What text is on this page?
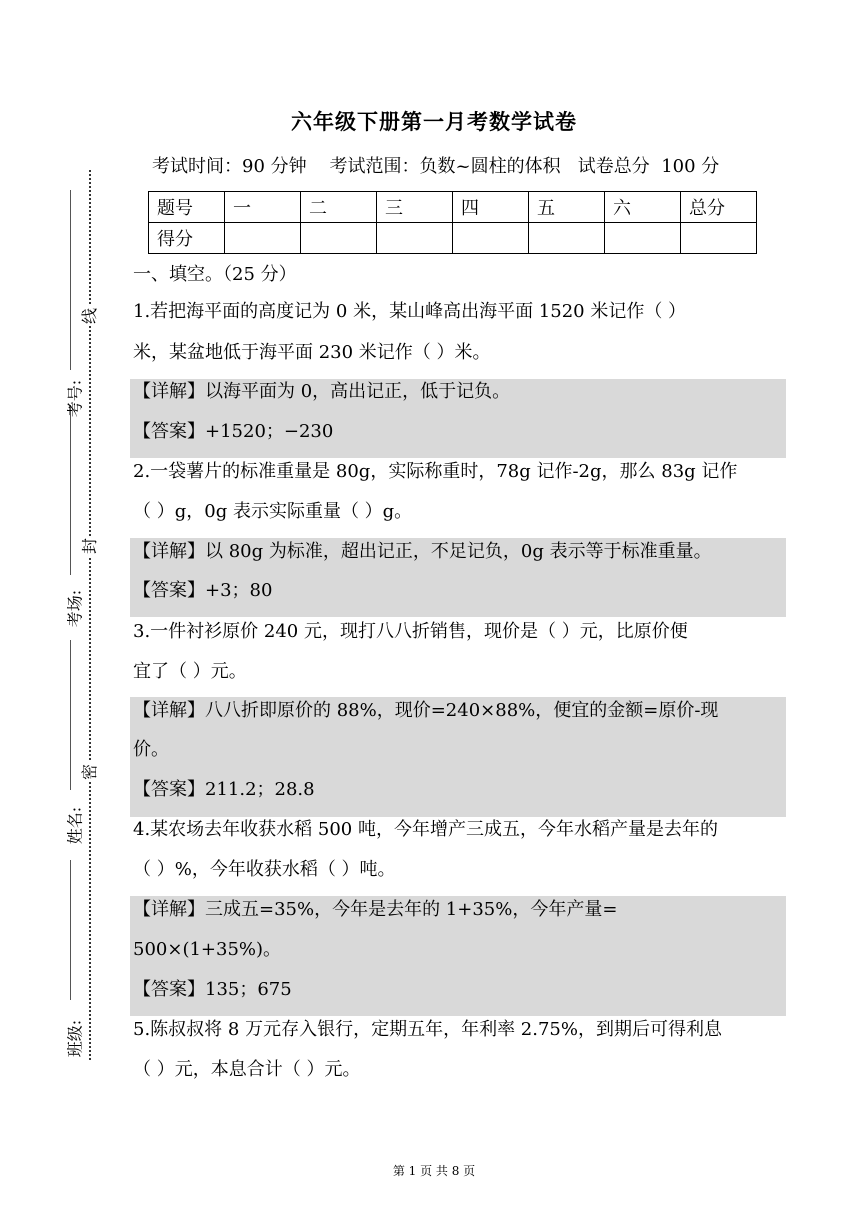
考号:
考场:
姓名:
班级:
线
封
密
六年级下册第一月考数学试卷
考试时间：90 分钟    考试范围：负数~圆柱的体积   试卷总分  100 分
题号	一	二	三	四	五	六	总分
得分							
一、填空。（25 分）
1.若把海平面的高度记为 0 米，某山峰高出海平面 1520 米记作（ ）
米，某盆地低于海平面 230 米记作（ ）米。
【详解】以海平面为 0，高出记正，低于记负。
【答案】+1520；−230
2.一袋薯片的标准重量是 80g，实际称重时，78g 记作-2g，那么 83g 记作
（ ）g，0g 表示实际重量（ ）g。
【详解】以 80g 为标准，超出记正，不足记负，0g 表示等于标准重量。
【答案】+3；80
3.一件衬衫原价 240 元，现打八八折销售，现价是（ ）元，比原价便
宜了（ ）元。
【详解】八八折即原价的 88%，现价=240×88%，便宜的金额=原价-现
价。
【答案】211.2；28.8
4.某农场去年收获水稻 500 吨，今年增产三成五，今年水稻产量是去年的
（ ）%，今年收获水稻（ ）吨。
【详解】三成五=35%，今年是去年的 1+35%，今年产量=
500×(1+35%)。
【答案】135；675
5.陈叔叔将 8 万元存入银行，定期五年，年利率 2.75%，到期后可得利息
（ ）元，本息合计（ ）元。
第 1 页 共 8 页
